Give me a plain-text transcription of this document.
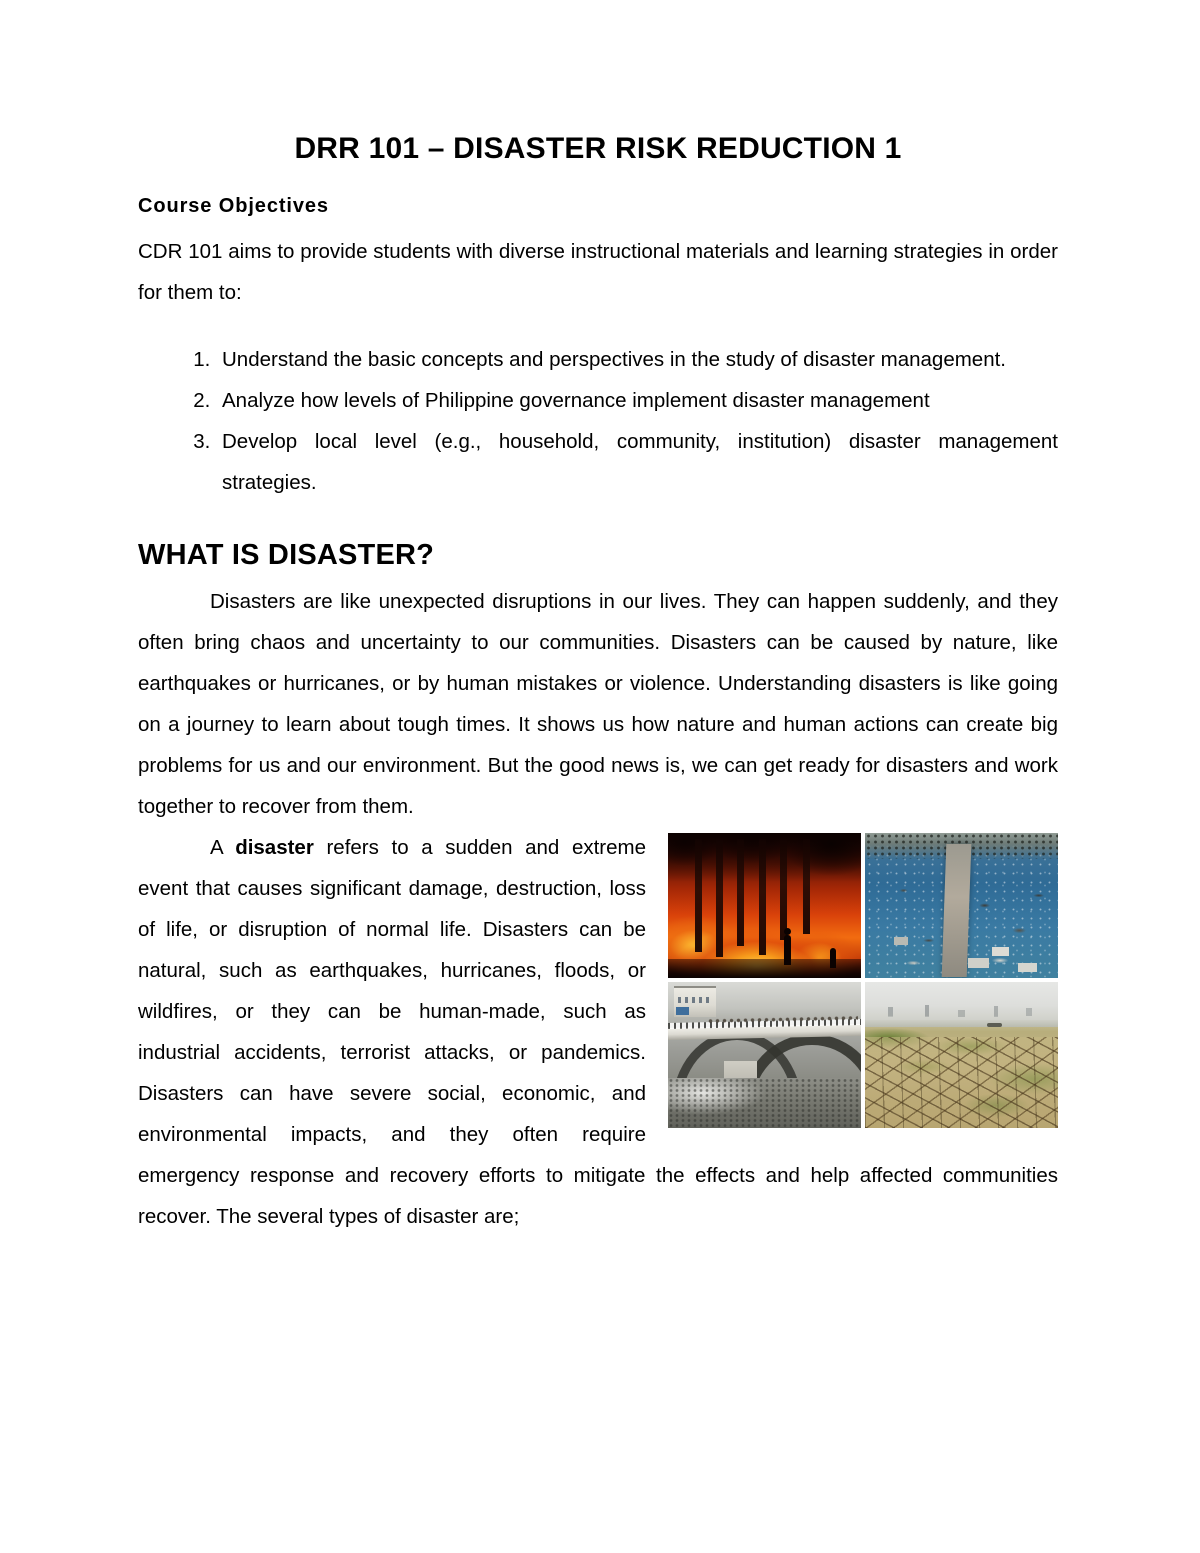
DRR 101 – DISASTER RISK REDUCTION 1
Course Objectives

CDR 101 aims to provide students with diverse instructional materials and learning strategies in order for them to:

1. Understand the basic concepts and perspectives in the study of disaster management.
2. Analyze how levels of Philippine governance implement disaster management
3. Develop local level (e.g., household, community, institution) disaster management strategies.
WHAT IS DISASTER?

Disasters are like unexpected disruptions in our lives. They can happen suddenly, and they often bring chaos and uncertainty to our communities. Disasters can be caused by nature, like earthquakes or hurricanes, or by human mistakes or violence. Understanding disasters is like going on a journey to learn about tough times. It shows us how nature and human actions can create big problems for us and our environment. But the good news is, we can get ready for disasters and work together to recover from them.

A disaster refers to a sudden and extreme event that causes significant damage, destruction, loss of life, or disruption of normal life. Disasters can be natural, such as earthquakes, hurricanes, floods, or wildfires, or they can be human-made, such as industrial accidents, terrorist attacks, or pandemics. Disasters can have severe social, economic, and environmental impacts, and they often require emergency response and recovery efforts to mitigate the effects and help affected communities recover. The several types of disaster are;
